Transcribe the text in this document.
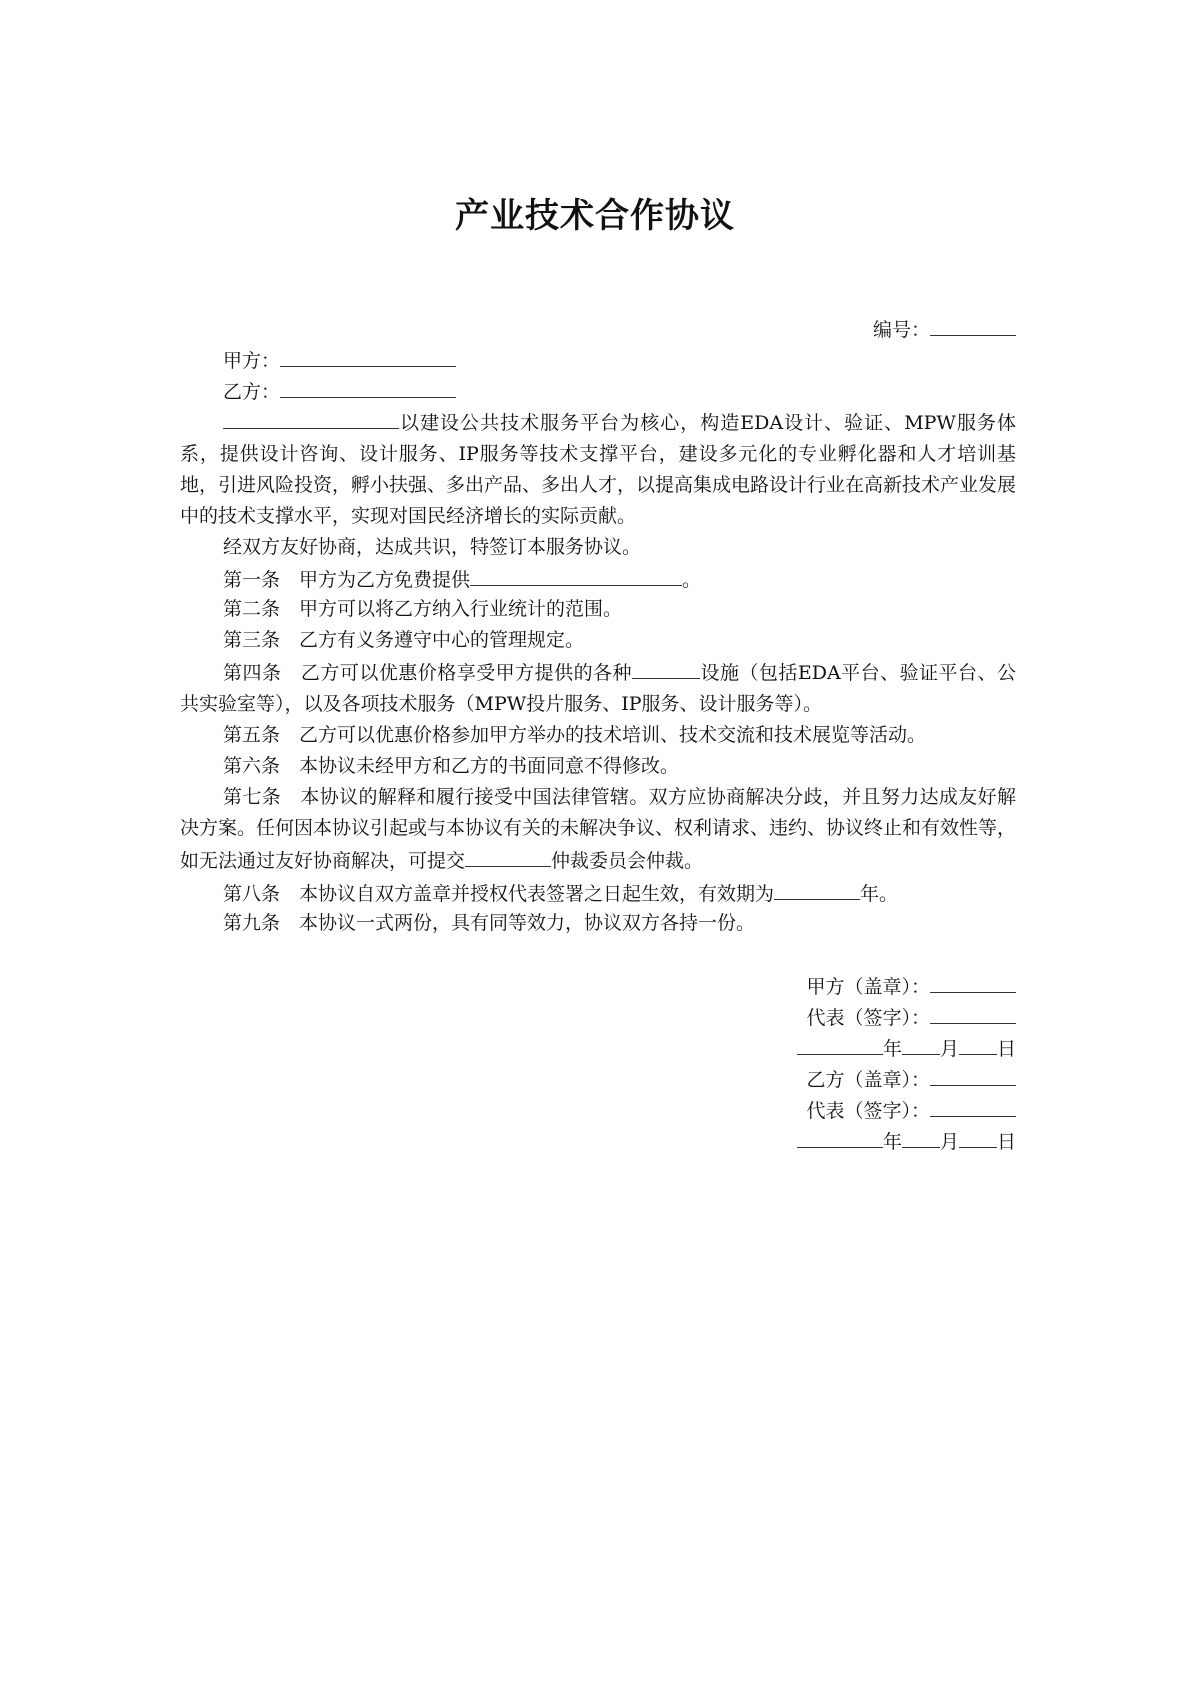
产业技术合作协议
编号：
甲方：
乙方：
以建设公共技术服务平台为核心，构造EDA设计、验证、MPW服务体系，提供设计咨询、设计服务、IP服务等技术支撑平台，建设多元化的专业孵化器和人才培训基地，引进风险投资，孵小扶强、多出产品、多出人才，以提高集成电路设计行业在高新技术产业发展中的技术支撑水平，实现对国民经济增长的实际贡献。
经双方友好协商，达成共识，特签订本服务协议。
第一条　 甲方为乙方免费提供	。
第二条　 甲方可以将乙方纳入行业统计的范围。
第三条　 乙方有义务遵守中心的管理规定。
第四条　 乙方可以优惠价格享受甲方提供的各种	设施（包括EDA平台、验证平台、公共实验室等），以及各项技术服务（MPW投片服务、IP服务、设计服务等）。
第五条　 乙方可以优惠价格参加甲方举办的技术培训、技术交流和技术展览等活动。
第六条　 本协议未经甲方和乙方的书面同意不得修改。
第七条　 本协议的解释和履行接受中国法律管辖。双方应协商解决分歧，并且努力达成友好解决方案。任何因本协议引起或与本协议有关的未解决争议、权利请求、违约、协议终止和有效性等，如无法通过友好协商解决，可提交	仲裁委员会仲裁。
第八条　 本协议自双方盖章并授权代表签署之日起生效，有效期为	年。
第九条　 本协议一式两份，具有同等效力，协议双方各持一份。
甲方（盖章）：
代表（签字）：
年 月 日
乙方（盖章）：
代表（签字）：
年 月 日
